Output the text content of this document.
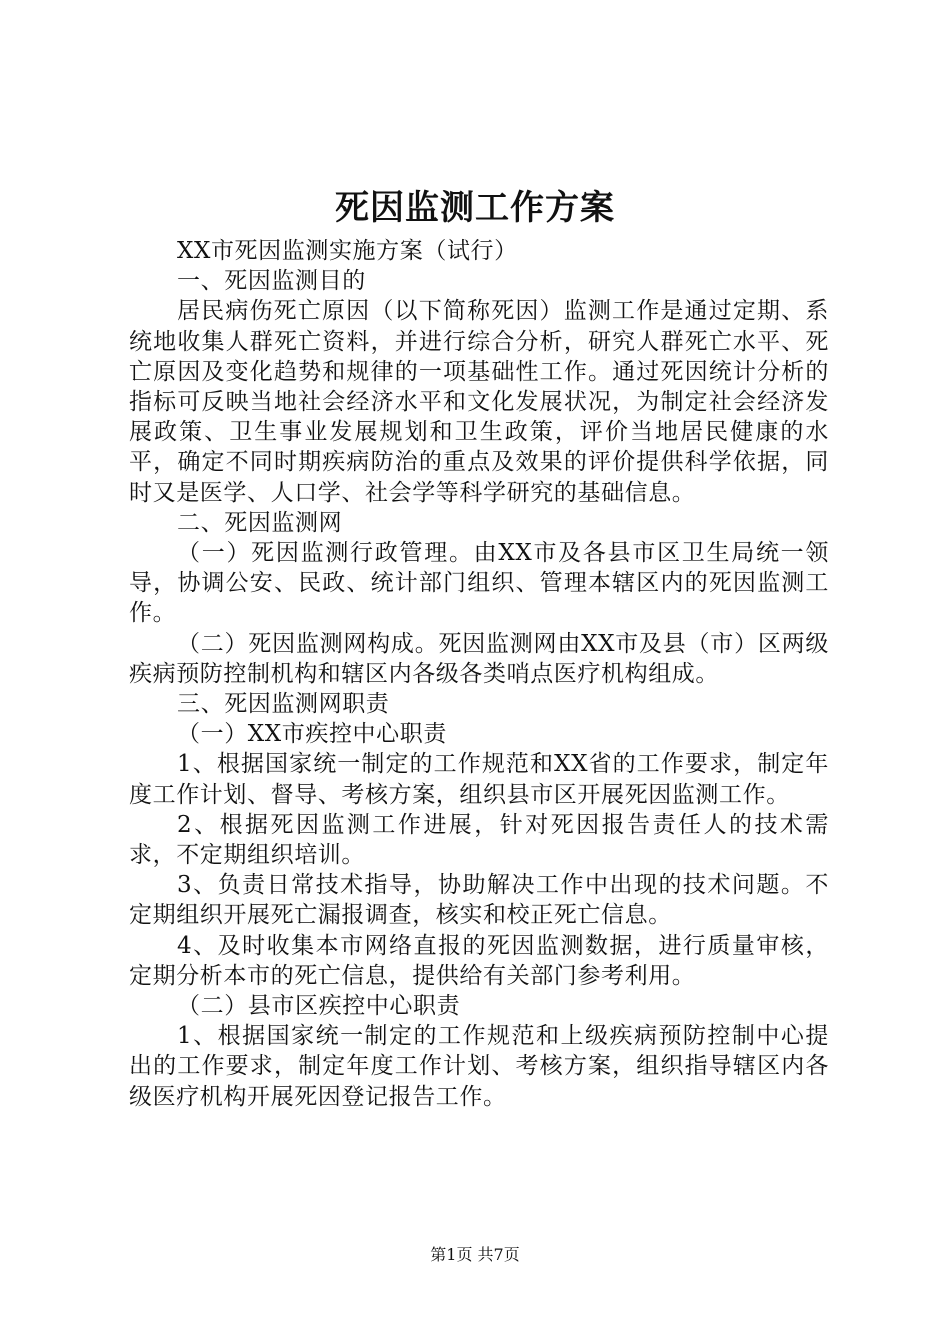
死因监测工作方案

XX市死因监测实施方案（试行）

一、死因监测目的

居民病伤死亡原因（以下简称死因）监测工作是通过定期、系统地收集人群死亡资料，并进行综合分析，研究人群死亡水平、死亡原因及变化趋势和规律的一项基础性工作。通过死因统计分析的指标可反映当地社会经济水平和文化发展状况，为制定社会经济发展政策、卫生事业发展规划和卫生政策，评价当地居民健康的水平，确定不同时期疾病防治的重点及效果的评价提供科学依据，同时又是医学、人口学、社会学等科学研究的基础信息。

二、死因监测网

（一）死因监测行政管理。由XX市及各县市区卫生局统一领导，协调公安、民政、统计部门组织、管理本辖区内的死因监测工作。

（二）死因监测网构成。死因监测网由XX市及县（市）区两级疾病预防控制机构和辖区内各级各类哨点医疗机构组成。

三、死因监测网职责

（一）XX市疾控中心职责

1、根据国家统一制定的工作规范和XX省的工作要求，制定年度工作计划、督导、考核方案，组织县市区开展死因监测工作。

2、根据死因监测工作进展，针对死因报告责任人的技术需求，不定期组织培训。

3、负责日常技术指导，协助解决工作中出现的技术问题。不定期组织开展死亡漏报调查，核实和校正死亡信息。

4、及时收集本市网络直报的死因监测数据，进行质量审核，定期分析本市的死亡信息，提供给有关部门参考利用。

（二）县市区疾控中心职责

1、根据国家统一制定的工作规范和上级疾病预防控制中心提出的工作要求，制定年度工作计划、考核方案，组织指导辖区内各级医疗机构开展死因登记报告工作。

第1页 共7页
